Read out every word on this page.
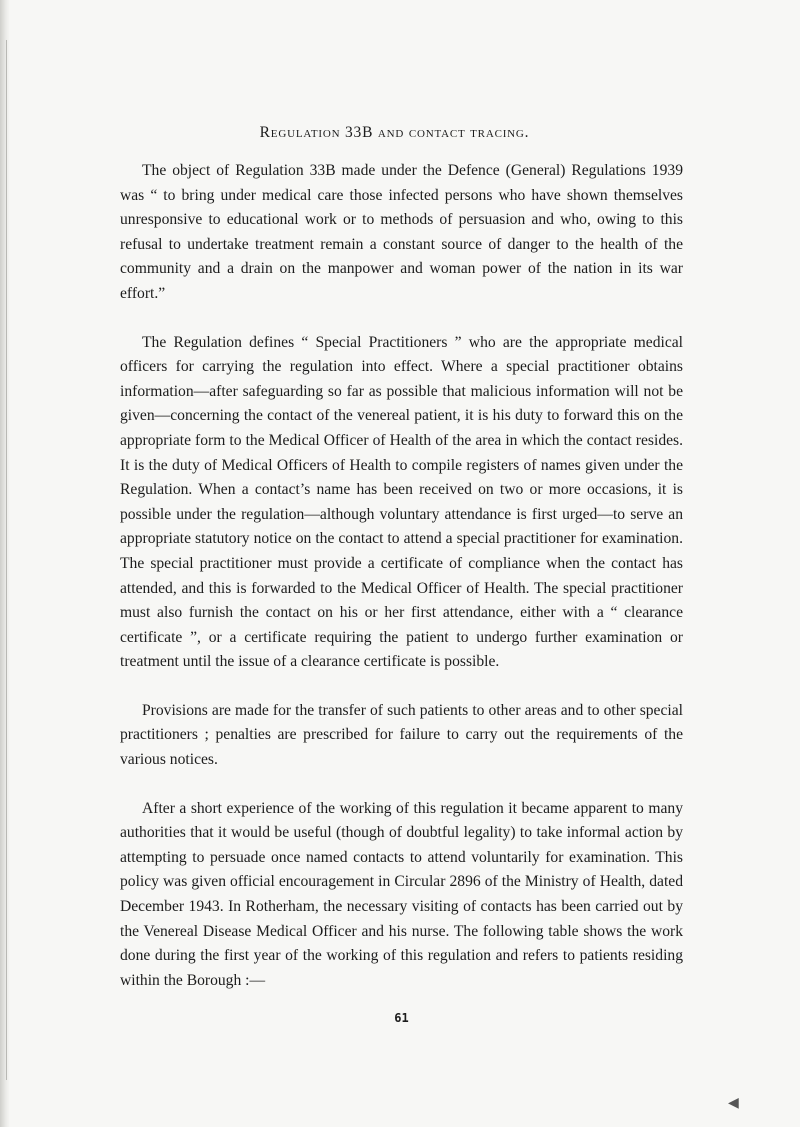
Regulation 33B and contact tracing.

The object of Regulation 33B made under the Defence (General) Regulations 1939 was “ to bring under medical care those infected persons who have shown themselves unresponsive to educational work or to methods of persuasion and who, owing to this refusal to undertake treatment remain a constant source of danger to the health of the community and a drain on the manpower and woman power of the nation in its war effort.”

The Regulation defines “ Special Practitioners ” who are the appropriate medical officers for carrying the regulation into effect. Where a special practitioner obtains information—after safeguarding so far as possible that malicious information will not be given—concerning the contact of the venereal patient, it is his duty to forward this on the appropriate form to the Medical Officer of Health of the area in which the contact resides. It is the duty of Medical Officers of Health to compile registers of names given under the Regulation. When a contact’s name has been received on two or more occasions, it is possible under the regulation—although voluntary attendance is first urged—to serve an appropriate statutory notice on the contact to attend a special practitioner for examination. The special practitioner must provide a certificate of compliance when the contact has attended, and this is forwarded to the Medical Officer of Health. The special practitioner must also furnish the contact on his or her first attendance, either with a “ clearance certificate ”, or a certificate requiring the patient to undergo further examination or treatment until the issue of a clearance certificate is possible.

Provisions are made for the transfer of such patients to other areas and to other special practitioners ; penalties are prescribed for failure to carry out the requirements of the various notices.

After a short experience of the working of this regulation it became apparent to many authorities that it would be useful (though of doubtful legality) to take informal action by attempting to persuade once named contacts to attend voluntarily for examination. This policy was given official encouragement in Circular 2896 of the Ministry of Health, dated December 1943. In Rotherham, the necessary visiting of contacts has been carried out by the Venereal Disease Medical Officer and his nurse. The following table shows the work done during the first year of the working of this regulation and refers to patients residing within the Borough :—

61
◀
